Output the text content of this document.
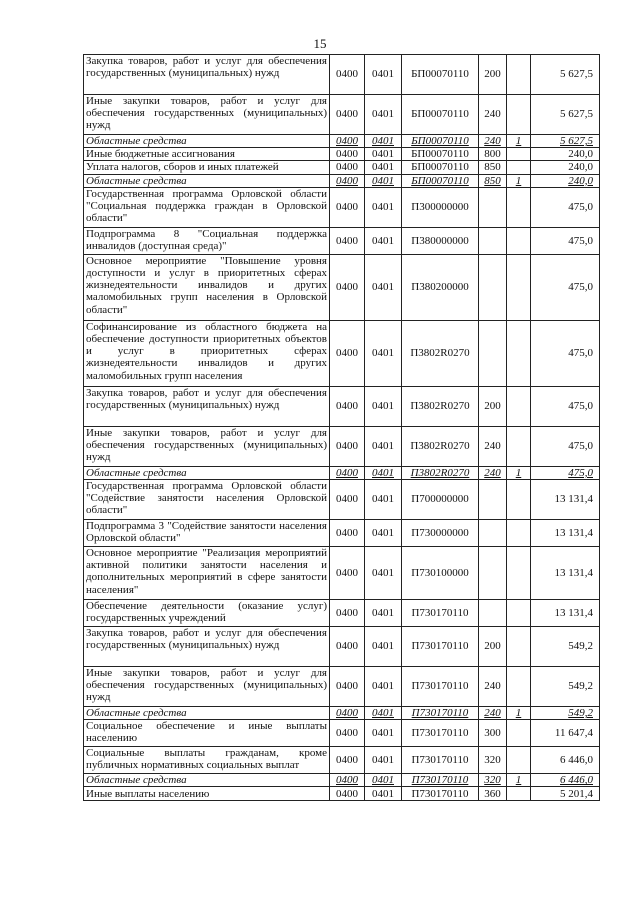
15
Закупка товаров, работ и услуг для обеспечения государственных (муниципальных) нужд	0400	0401	БП00070110	200		5 627,5
Иные закупки товаров, работ и услуг для обеспечения государственных (муниципальных) нужд	0400	0401	БП00070110	240		5 627,5
Областные средства	0400	0401	БП00070110	240	1	5 627,5
Иные бюджетные ассигнования	0400	0401	БП00070110	800		240,0
Уплата налогов, сборов и иных платежей	0400	0401	БП00070110	850		240,0
Областные средства	0400	0401	БП00070110	850	1	240,0
Государственная программа Орловской области "Социальная поддержка граждан в Орловской области"	0400	0401	П300000000			475,0
Подпрограмма 8 "Социальная поддержка инвалидов (доступная среда)"	0400	0401	П380000000			475,0
Основное мероприятие "Повышение уровня доступности и услуг в приоритетных сферах жизнедеятельности инвалидов и других маломобильных групп населения в Орловской области"	0400	0401	П380200000			475,0
Софинансирование из областного бюджета на обеспечение доступности приоритетных объектов и услуг в приоритетных сферах жизнедеятельности инвалидов и других маломобильных групп населения	0400	0401	П3802R0270			475,0
Закупка товаров, работ и услуг для обеспечения государственных (муниципальных) нужд	0400	0401	П3802R0270	200		475,0
Иные закупки товаров, работ и услуг для обеспечения государственных (муниципальных) нужд	0400	0401	П3802R0270	240		475,0
Областные средства	0400	0401	П3802R0270	240	1	475,0
Государственная программа Орловской области "Содействие занятости населения Орловской области"	0400	0401	П700000000			13 131,4
Подпрограмма 3 "Содействие занятости населения Орловской области"	0400	0401	П730000000			13 131,4
Основное мероприятие "Реализация мероприятий активной политики занятости населения и дополнительных мероприятий в сфере занятости населения"	0400	0401	П730100000			13 131,4
Обеспечение деятельности (оказание услуг) государственных учреждений	0400	0401	П730170110			13 131,4
Закупка товаров, работ и услуг для обеспечения государственных (муниципальных) нужд	0400	0401	П730170110	200		549,2
Иные закупки товаров, работ и услуг для обеспечения государственных (муниципальных) нужд	0400	0401	П730170110	240		549,2
Областные средства	0400	0401	П730170110	240	1	549,2
Социальное обеспечение и иные выплаты населению	0400	0401	П730170110	300		11 647,4
Социальные выплаты гражданам, кроме публичных нормативных социальных выплат	0400	0401	П730170110	320		6 446,0
Областные средства	0400	0401	П730170110	320	1	6 446,0
Иные выплаты населению	0400	0401	П730170110	360		5 201,4
